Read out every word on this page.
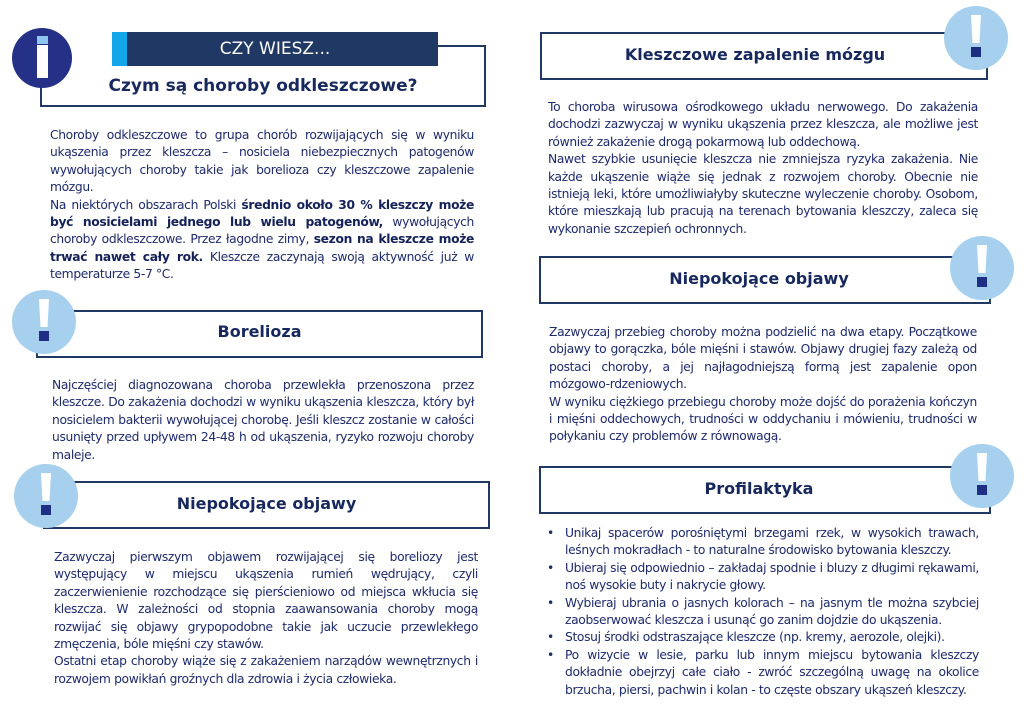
CZY WIESZ...
Czym są choroby odkleszczowe?

Choroby odkleszczowe to grupa chorób rozwijających się w wyniku ukąszenia przez kleszcza – nosiciela niebezpiecznych patogenów wywołujących choroby takie jak borelioza czy kleszczowe zapalenie mózgu.

Na niektórych obszarach Polski średnio około 30 % kleszczy może być nosicielami jednego lub wielu patogenów, wywołujących choroby odkleszczowe. Przez łagodne zimy, sezon na kleszcze może trwać nawet cały rok. Kleszcze zaczynają swoją aktywność już w temperaturze 5-7 °C.

Borelioza

Najczęściej diagnozowana choroba przewlekła przenoszona przez kleszcze. Do zakażenia dochodzi w wyniku ukąszenia kleszcza, który był nosicielem bakterii wywołującej chorobę. Jeśli kleszcz zostanie w całości usunięty przed upływem 24-48 h od ukąszenia, ryzyko rozwoju choroby maleje.

Niepokojące objawy

Zazwyczaj pierwszym objawem rozwijającej się boreliozy jest występujący w miejscu ukąszenia rumień wędrujący, czyli zaczerwienienie rozchodzące się pierścieniowo od miejsca wkłucia się kleszcza. W zależności od stopnia zaawansowania choroby mogą rozwijać się objawy grypopodobne takie jak uczucie przewlekłego zmęczenia, bóle mięśni czy stawów.

Ostatni etap choroby wiąże się z zakażeniem narządów wewnętrznych i rozwojem powikłań groźnych dla zdrowia i życia człowieka.

Kleszczowe zapalenie mózgu

To choroba wirusowa ośrodkowego układu nerwowego. Do zakażenia dochodzi zazwyczaj w wyniku ukąszenia przez kleszcza, ale możliwe jest również zakażenie drogą pokarmową lub oddechową.

Nawet szybkie usunięcie kleszcza nie zmniejsza ryzyka zakażenia. Nie każde ukąszenie wiąże się jednak z rozwojem choroby. Obecnie nie istnieją leki, które umożliwiałyby skuteczne wyleczenie choroby. Osobom, które mieszkają lub pracują na terenach bytowania kleszczy, zaleca się wykonanie szczepień ochronnych.

Niepokojące objawy

Zazwyczaj przebieg choroby można podzielić na dwa etapy. Początkowe objawy to gorączka, bóle mięśni i stawów. Objawy drugiej fazy zależą od postaci choroby, a jej najłagodniejszą formą jest zapalenie opon mózgowo-rdzeniowych.

W wyniku ciężkiego przebiegu choroby może dojść do porażenia kończyn i mięśni oddechowych, trudności w oddychaniu i mówieniu, trudności w połykaniu czy problemów z równowagą.

Profilaktyka
• Unikaj spacerów porośniętymi brzegami rzek, w wysokich trawach, leśnych mokradłach - to naturalne środowisko bytowania kleszczy.
• Ubieraj się odpowiednio – zakładaj spodnie i bluzy z długimi rękawami, noś wysokie buty i nakrycie głowy.
• Wybieraj ubrania o jasnych kolorach – na jasnym tle można szybciej zaobserwować kleszcza i usunąć go zanim dojdzie do ukąszenia.
• Stosuj środki odstraszające kleszcze (np. kremy, aerozole, olejki).
• Po wizycie w lesie, parku lub innym miejscu bytowania kleszczy dokładnie obejrzyj całe ciało - zwróć szczególną uwagę na okolice brzucha, piersi, pachwin i kolan - to częste obszary ukąszeń kleszczy.
